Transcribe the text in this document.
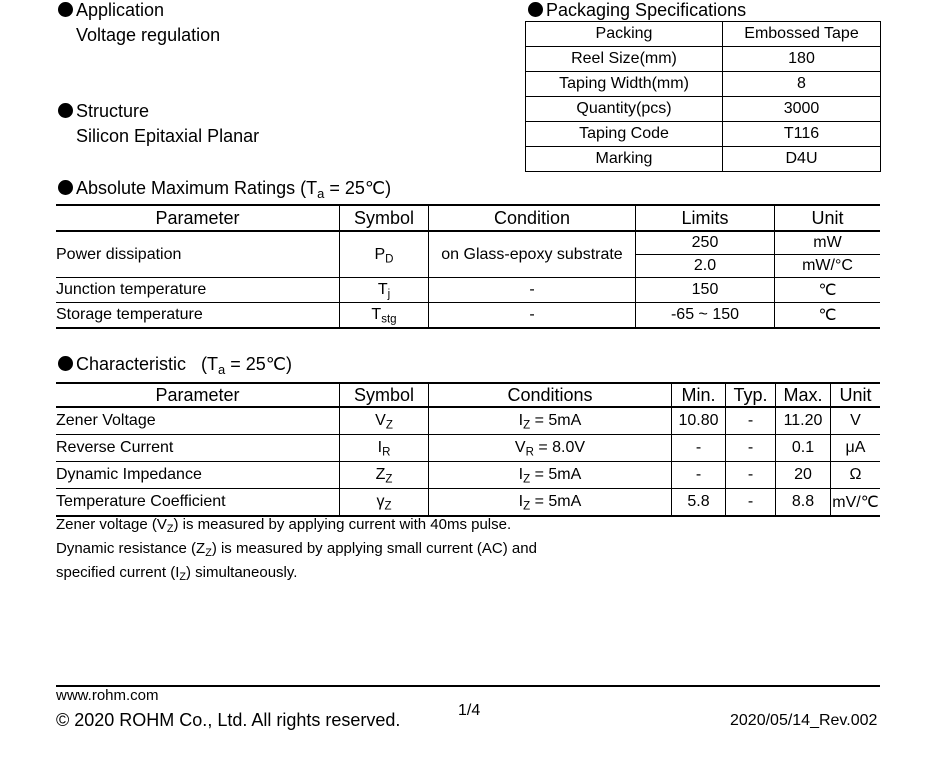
Application
Voltage regulation
Structure
Silicon Epitaxial Planar
Packaging Specifications
Packing	Embossed Tape
Reel Size(mm)	180
Taping Width(mm)	8
Quantity(pcs)	3000
Taping Code	T116
Marking	D4U
Absolute Maximum Ratings ($T_a$ = 25℃)
Parameter	Symbol	Condition	Limits	Unit
Power dissipation	$P_D$	on Glass-epoxy substrate	250	mW
			2.0	mW/°C
Junction temperature	$T_j$	-	150	℃
Storage temperature	$T_{stg}$	-	-65 ~ 150	℃
Characteristic ($T_a$ = 25℃)
Parameter	Symbol	Conditions	Min.	Typ.	Max.	Unit
Zener Voltage	$V_Z$	$I_Z = 5mA$	10.80	-	11.20	V
Reverse Current	$I_R$	$V_R = 8.0V$	-	-	0.1	μA
Dynamic Impedance	$Z_Z$	$I_Z = 5mA$	-	-	20	Ω
Temperature Coefficient	$\gamma_Z$	$I_Z = 5mA$	5.8	-	8.8	mV/℃
Zener voltage $(V_Z)$ is measured by applying current with 40ms pulse.
Dynamic resistance $(Z_Z)$ is measured by applying small current (AC) and
specified current $(I_Z)$ simultaneously.
www.rohm.com
© 2020 ROHM Co., Ltd. All rights reserved.	1/4
2020/05/14_Rev.002
